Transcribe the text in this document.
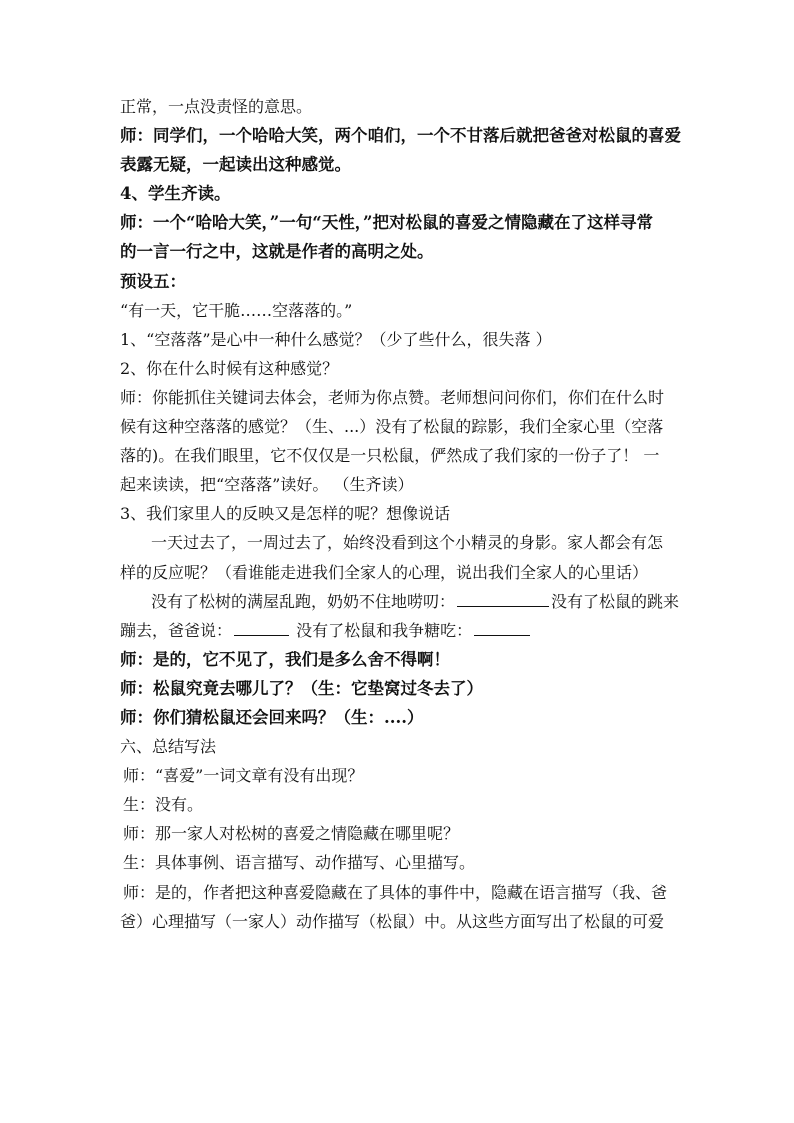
正常，一点没责怪的意思。
师：同学们，一个哈哈大笑，两个咱们，一个不甘落后就把爸爸对松鼠的喜爱
表露无疑，一起读出这种感觉。
4、学生齐读。
师：一个“哈哈大笑，”一句“天性，”把对松鼠的喜爱之情隐藏在了这样寻常
的一言一行之中，这就是作者的高明之处。
预设五：
“有一天，它干脆……空落落的。”
1、“空落落”是心中一种什么感觉？（少了些什么，很失落 ）
2、你在什么时候有这种感觉？
师：你能抓住关键词去体会，老师为你点赞。老师想问问你们，你们在什么时
候有这种空落落的感觉？（生、...）没有了松鼠的踪影，我们全家心里（空落
落的)。在我们眼里，它不仅仅是一只松鼠，俨然成了我们家的一份子了！ 一
起来读读，把“空落落”读好。 （生齐读）
3、我们家里人的反映又是怎样的呢？想像说话
一天过去了，一周过去了，始终没看到这个小精灵的身影。家人都会有怎
样的反应呢？（看谁能走进我们全家人的心理，说出我们全家人的心里话）
没有了松树的满屋乱跑，奶奶不住地唠叨：	没有了松鼠的跳来
蹦去，爸爸说：	没有了松鼠和我争糖吃：
师：是的，它不见了，我们是多么舍不得啊！
师：松鼠究竟去哪儿了？（生：它垫窝过冬去了）
师：你们猜松鼠还会回来吗？（生：....）
六、总结写法
师：“喜爱”一词文章有没有出现？
生：没有。
师：那一家人对松树的喜爱之情隐藏在哪里呢？
生：具体事例、语言描写、动作描写、心里描写。
师：是的，作者把这种喜爱隐藏在了具体的事件中，隐藏在语言描写（我、爸
爸）心理描写（一家人）动作描写（松鼠）中。从这些方面写出了松鼠的可爱
